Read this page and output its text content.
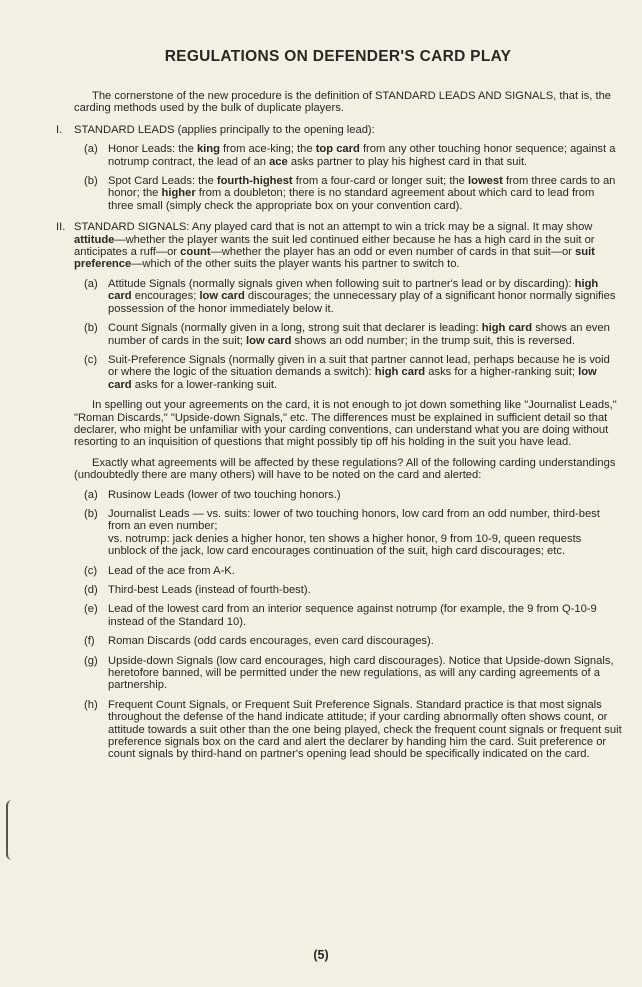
REGULATIONS ON DEFENDER'S CARD PLAY

The cornerstone of the new procedure is the definition of STANDARD LEADS AND SIGNALS, that is, the carding methods used by the bulk of duplicate players.

I.	STANDARD LEADS (applies principally to the opening lead):

(a) Honor Leads: the king from ace-king; the top card from any other touching honor sequence; against a notrump contract, the lead of an ace asks partner to play his highest card in that suit.
(b) Spot Card Leads: the fourth-highest from a four-card or longer suit; the lowest from three cards to an honor; the higher from a doubleton; there is no standard agreement about which card to lead from three small (simply check the appropriate box on your convention card).
II. STANDARD SIGNALS: Any played card that is not an attempt to win a trick may be a signal. It may show attitude—whether the player wants the suit led continued either because he has a high card in the suit or anticipates a ruff—or count—whether the player has an odd or even number of cards in that suit—or suit preference—which of the other suits the player wants his partner to switch to.

(a) Attitude Signals (normally signals given when following suit to partner's lead or by discarding): high card encourages; low card discourages; the unnecessary play of a significant honor normally signifies possession of the honor immediately below it.
(b) Count Signals (normally given in a long, strong suit that declarer is leading: high card shows an even number of cards in the suit; low card shows an odd number; in the trump suit, this is reversed.
(c) Suit-Preference Signals (normally given in a suit that partner cannot lead, perhaps because he is void or where the logic of the situation demands a switch): high card asks for a higher-ranking suit; low card asks for a lower-ranking suit.

In spelling out your agreements on the card, it is not enough to jot down something like "Journalist Leads," "Roman Discards," "Upside-down Signals," etc. The differences must be explained in sufficient detail so that declarer, who might be unfamiliar with your carding conventions, can understand what you are doing without resorting to an inquisition of questions that might possibly tip off his holding in the suit you have lead.

Exactly what agreements will be affected by these regulations? All of the following carding understandings (undoubtedly there are many others) will have to be noted on the card and alerted:

(a) Rusinow Leads (lower of two touching honors.)
(b) Journalist Leads — vs. suits: lower of two touching honors, low card from an odd number, third-best from an even number;
vs. notrump: jack denies a higher honor, ten shows a higher honor, 9 from 10-9, queen requests unblock of the jack, low card encourages continuation of the suit, high card discourages; etc.
(c) Lead of the ace from A-K.
(d) Third-best Leads (instead of fourth-best).
(e) Lead of the lowest card from an interior sequence against notrump (for example, the 9 from Q-10-9 instead of the Standard 10).
(f)	Roman Discards (odd cards encourages, even card discourages).
(g) Upside-down Signals (low card encourages, high card discourages). Notice that Upside-down Signals, heretofore banned, will be permitted under the new regulations, as will any carding agreements of a partnership.
(h) Frequent Count Signals, or Frequent Suit Preference Signals. Standard practice is that most signals throughout the defense of the hand indicate attitude; if your carding abnormally often shows count, or attitude towards a suit other than the one being played, check the frequent count signals or frequent suit preference signals box on the card and alert the declarer by handing him the card. Suit preference or count signals by third-hand on partner's opening lead should be specifically indicated on the card.
(5)
